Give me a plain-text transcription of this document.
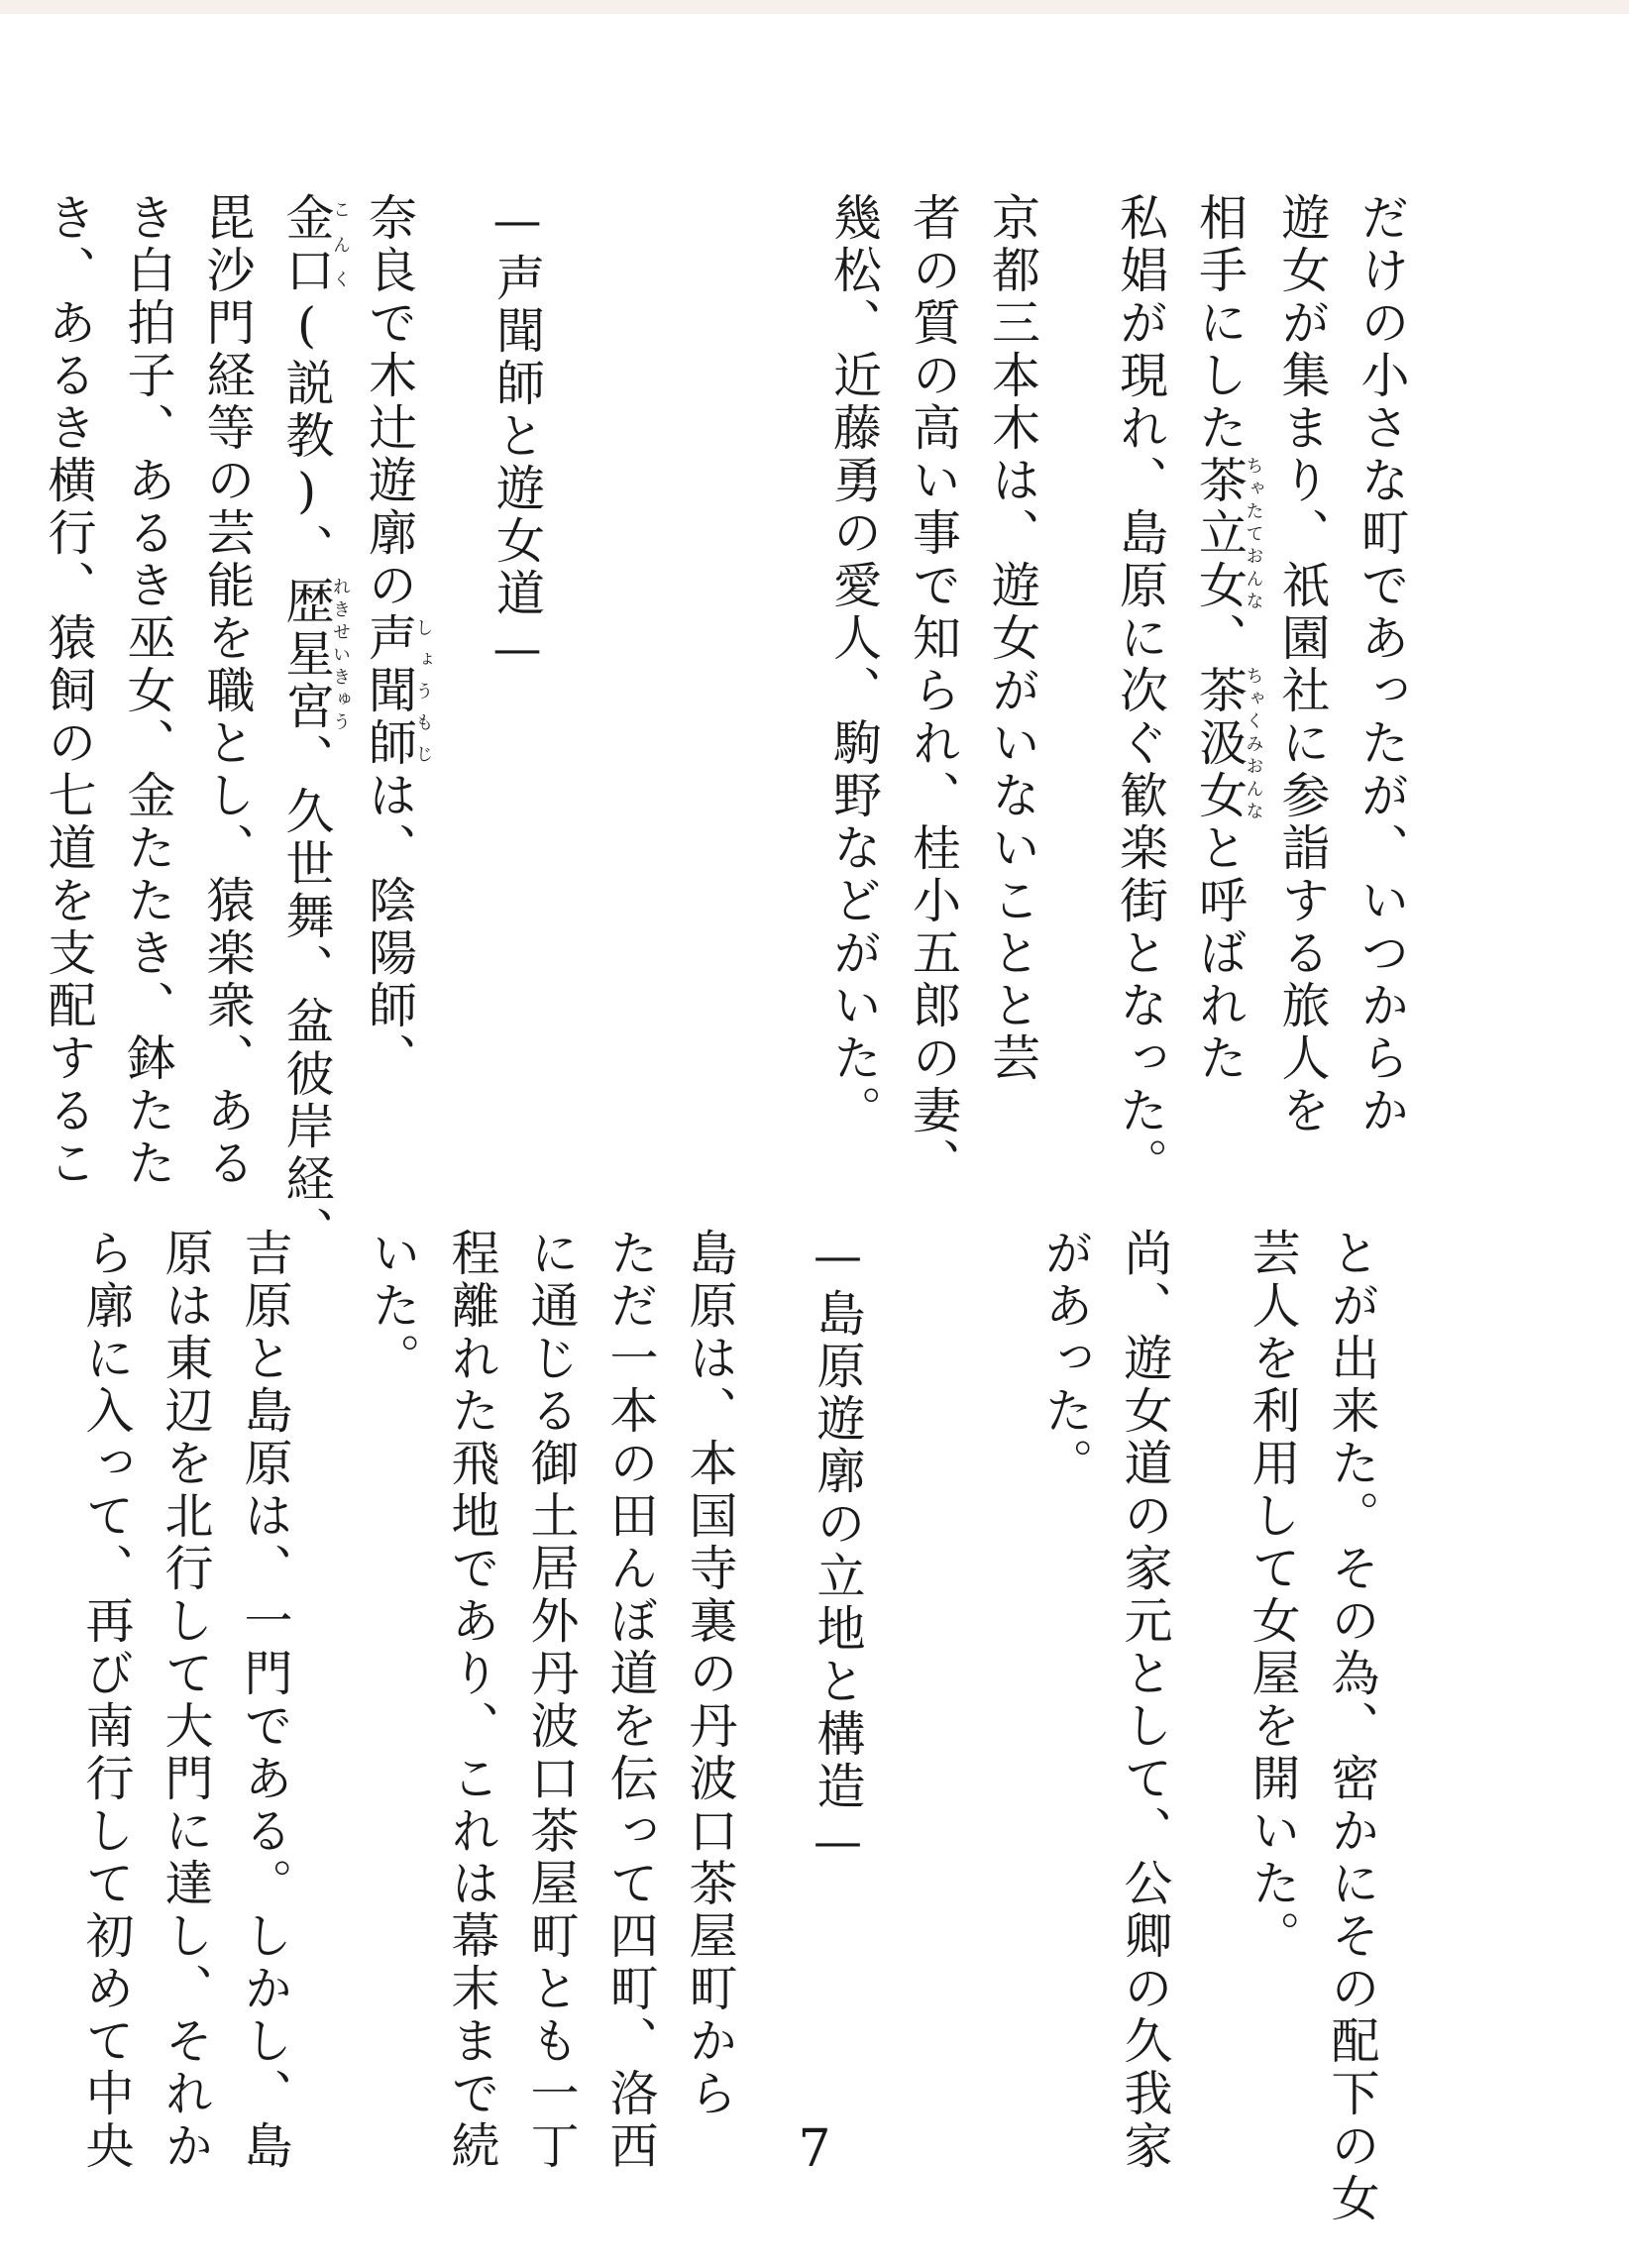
だけの小さな町であったが、いつからか
遊女が集まり、祇園社に参詣する旅人を
相手にした茶立女ちゃたておんな、茶汲女ちゃくみおんなと呼ばれた
私娼が現れ、島原に次ぐ歓楽街となった。
京都三本木は、遊女がいないことと芸
者の質の高い事で知られ、桂小五郎の妻、
幾松、近藤勇の愛人、駒野などがいた。
—声聞師と遊女道—
奈良で木辻遊廓の声聞師しょうもじは、陰陽師、
金口こんく(説教)、歴星宮れきせいきゅう、久世舞、盆彼岸経、
毘沙門経等の芸能を職とし、猿楽衆、ある
き白拍子、あるき巫女、金たたき、鉢たた
き、あるき横行、猿飼の七道を支配するこ
とが出来た。その為、密かにその配下の女
芸人を利用して女屋を開いた。
尚、遊女道の家元として、公卿の久我家
があった。
—島原遊廓の立地と構造—
島原は、本国寺裏の丹波口茶屋町から
ただ一本の田んぼ道を伝って四町、洛西
に通じる御土居外丹波口茶屋町とも一丁
程離れた飛地であり、これは幕末まで続
いた。
吉原と島原は、一門である。しかし、島
原は東辺を北行して大門に達し、それか
ら廓に入って、再び南行して初めて中央	7
